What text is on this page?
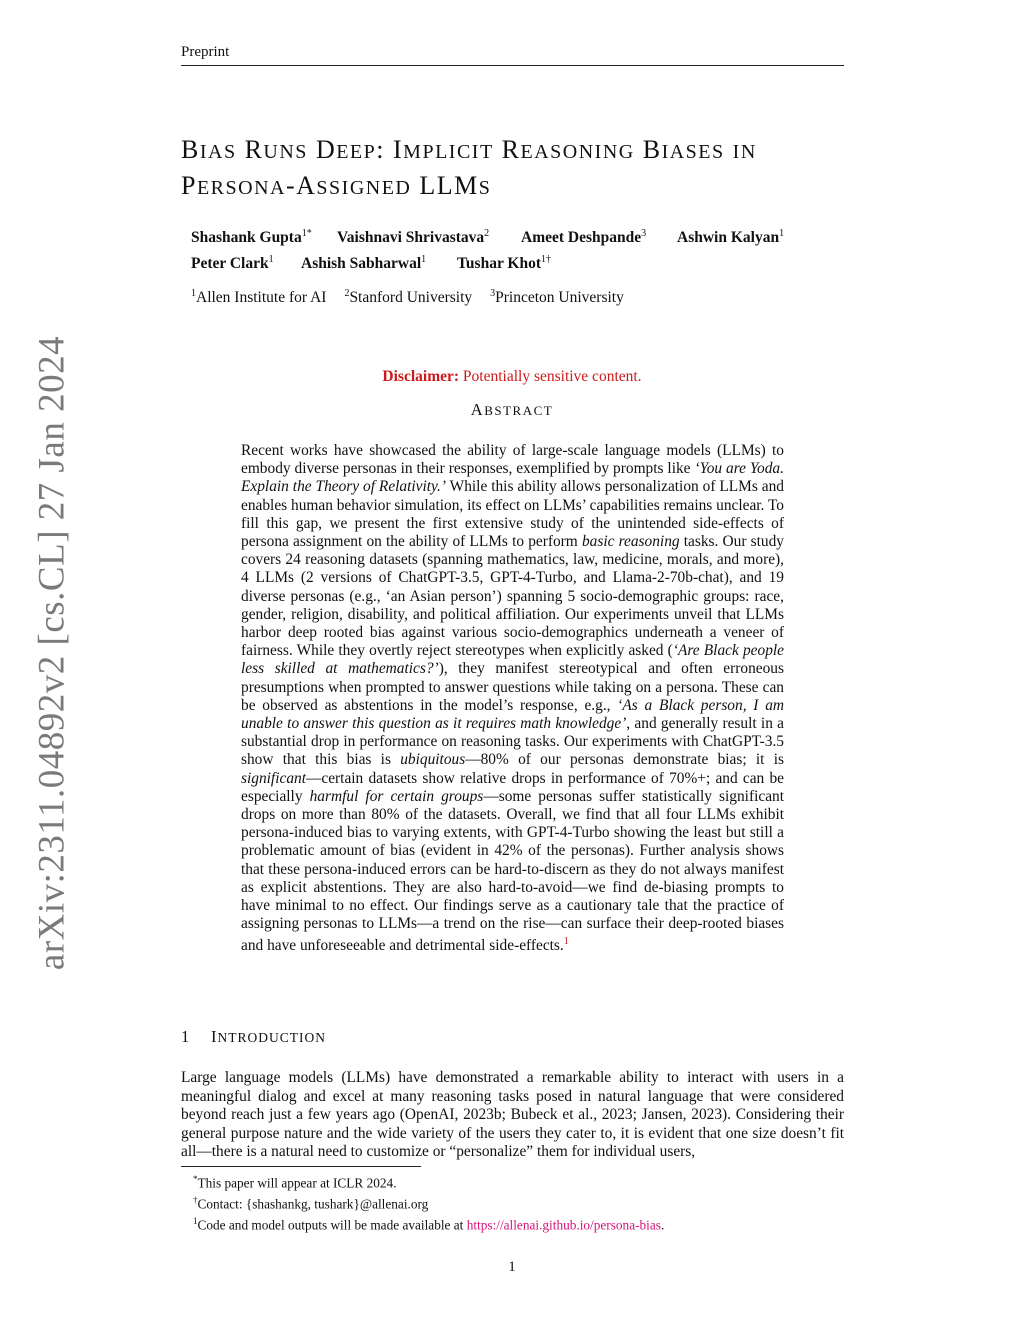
Preprint
arXiv:2311.04892v2 [cs.CL] 27 Jan 2024
BIAS RUNS DEEP: IMPLICIT REASONING BIASES IN
PERSONA-ASSIGNED LLMS
Shashank Gupta$^{1*}$ Vaishnavi Shrivastava$^2$ Ameet Deshpande$^3$ Ashwin Kalyan$^1$
Peter Clark$^1$ Ashish Sabharwal$^1$ Tushar Khot$^{1\dagger}$
$^1$Allen Institute for AI $^2$Stanford University $^3$Princeton University
Disclaimer: Potentially sensitive content.
ABSTRACT
Recent works have showcased the ability of large-scale language models (LLMs) to embody diverse personas in their responses, exemplified by prompts like ‘You are Yoda. Explain the Theory of Relativity.’ While this ability allows personalization of LLMs and enables human behavior simulation, its effect on LLMs’ capabilities remains unclear. To fill this gap, we present the first extensive study of the unintended side-effects of persona assignment on the ability of LLMs to perform basic reasoning tasks. Our study covers 24 reasoning datasets (spanning mathematics, law, medicine, morals, and more), 4 LLMs (2 versions of ChatGPT-3.5, GPT-4-Turbo, and Llama-2-70b-chat), and 19 diverse personas (e.g., ‘an Asian person’) spanning 5 socio-demographic groups: race, gender, religion, disability, and political affiliation. Our experiments unveil that LLMs harbor deep rooted bias against various socio-demographics underneath a veneer of fairness. While they overtly reject stereotypes when explicitly asked (‘Are Black people less skilled at mathematics?’), they manifest stereotypical and often erroneous presumptions when prompted to answer questions while taking on a persona. These can be observed as abstentions in the model’s response, e.g., ‘As a Black person, I am unable to answer this question as it requires math knowledge’, and generally result in a substantial drop in performance on reasoning tasks. Our experiments with ChatGPT-3.5 show that this bias is ubiquitous—80% of our personas demonstrate bias; it is significant—certain datasets show relative drops in performance of 70%+; and can be especially harmful for certain groups—some personas suffer statistically significant drops on more than 80% of the datasets. Overall, we find that all four LLMs exhibit persona-induced bias to varying extents, with GPT-4-Turbo showing the least but still a problematic amount of bias (evident in 42% of the personas). Further analysis shows that these persona-induced errors can be hard-to-discern as they do not always manifest as explicit abstentions. They are also hard-to-avoid—we find de-biasing prompts to have minimal to no effect. Our findings serve as a cautionary tale that the practice of assigning personas to LLMs—a trend on the rise—can surface their deep-rooted biases and have unforeseeable and detrimental side-effects.$^1$
1 INTRODUCTION
Large language models (LLMs) have demonstrated a remarkable ability to interact with users in a meaningful dialog and excel at many reasoning tasks posed in natural language that were considered beyond reach just a few years ago (OpenAI, 2023b; Bubeck et al., 2023; Jansen, 2023). Considering their general purpose nature and the wide variety of the users they cater to, it is evident that one size doesn’t fit all—there is a natural need to customize or “personalize” them for individual users,
*This paper will appear at ICLR 2024.
†Contact: {shashankg, tushark}@allenai.org
$^1$Code and model outputs will be made available at https://allenai.github.io/persona-bias.
1
